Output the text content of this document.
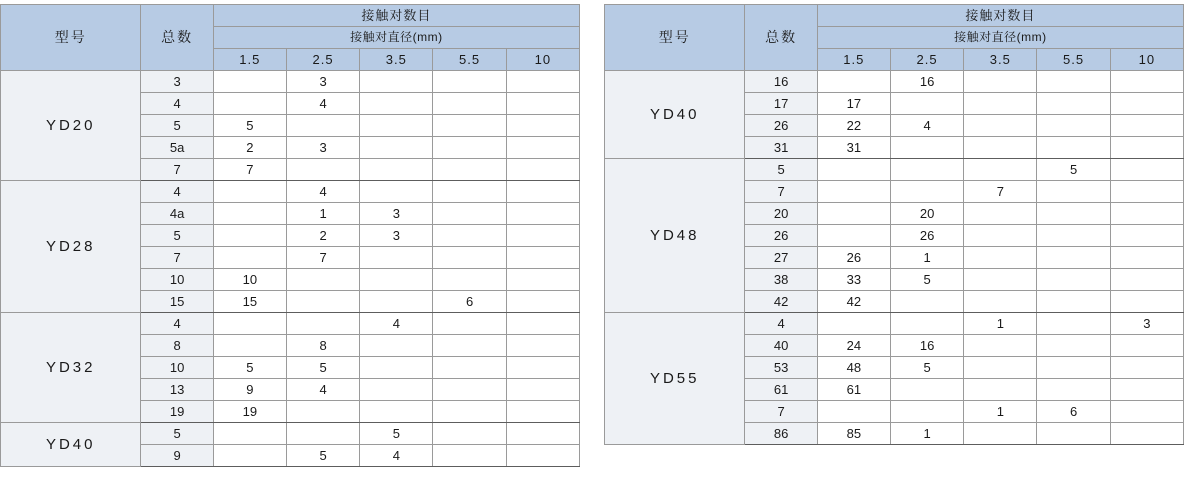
型号	总数	接触对数目				
		接触对直径(mm)				
		1.5	2.5	3.5	5.5	10
YD20	3		3			
	4		4			
	5	5				
	5a	2	3			
	7	7				
YD28	4		4			
	4a		1	3		
	5		2	3		
	7		7			
	10	10				
	15	15			6	
YD32	4			4		
	8		8			
	10	5	5			
	13	9	4			
	19	19				
YD40	5			5		
	9		5	4		
型号	总数	接触对数目				
		接触对直径(mm)				
		1.5	2.5	3.5	5.5	10
YD40	16		16			
	17	17				
	26	22	4			
	31	31				
YD48	5				5	
	7			7		
	20		20			
	26		26			
	27	26	1			
	38	33	5			
	42	42				
YD55	4			1		3
	40	24	16			
	53	48	5			
	61	61				
	7			1	6	
	86	85	1			
